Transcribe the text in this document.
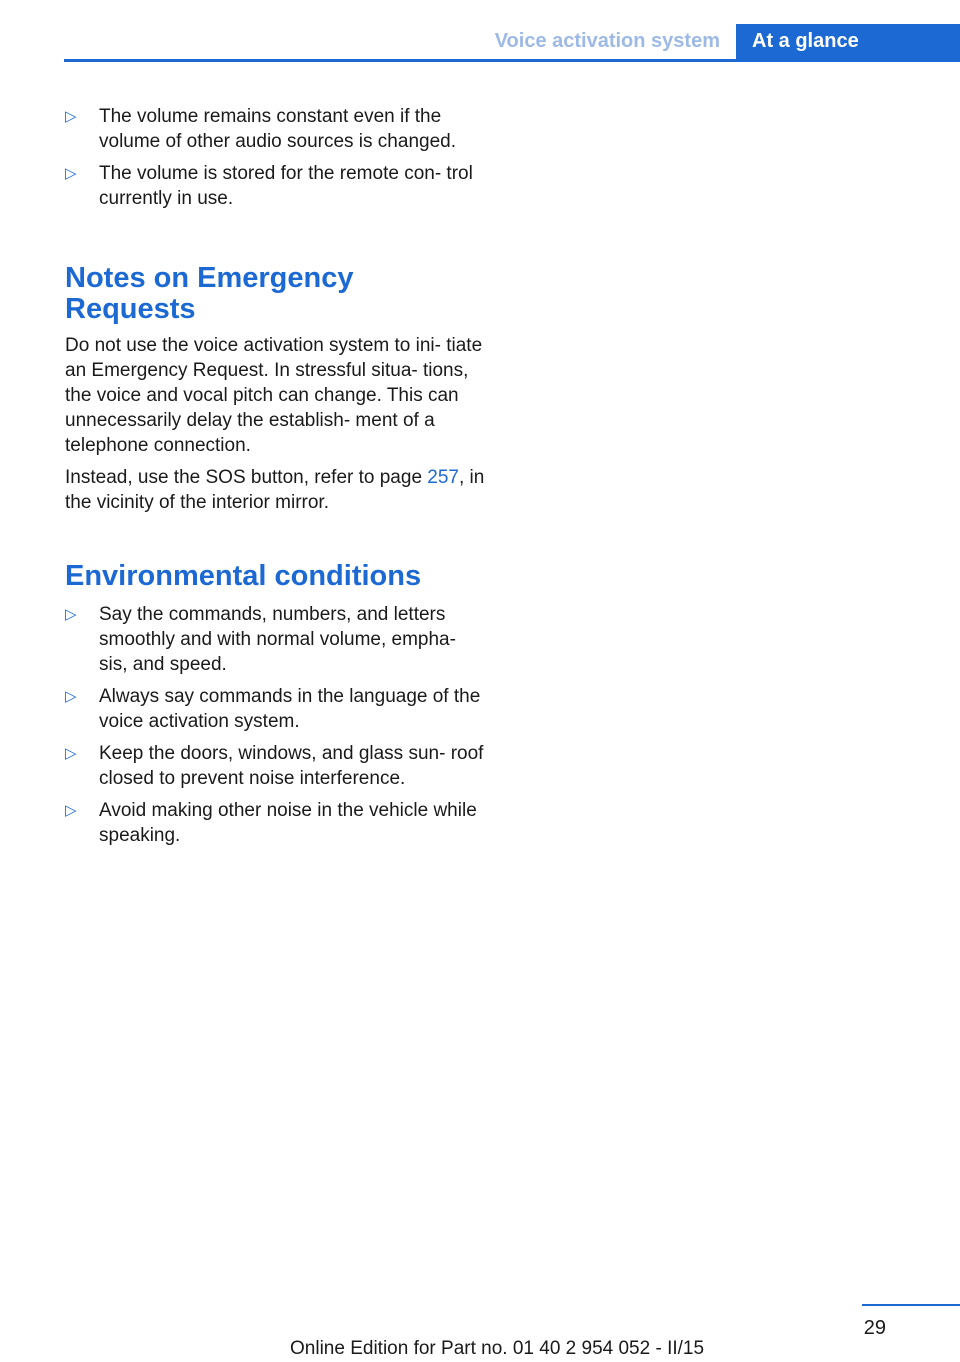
Voice activation system	At a glance
▷ The volume remains constant even if the volume of other audio sources is changed.
▷ The volume is stored for the remote con‐ trol currently in use.
Notes on Emergency Requests

Do not use the voice activation system to ini‐ tiate an Emergency Request. In stressful situa‐ tions, the voice and vocal pitch can change. This can unnecessarily delay the establish‐ ment of a telephone connection.

Instead, use the SOS button, refer to page 257, in the vicinity of the interior mirror.

Environmental conditions
▷ Say the commands, numbers, and letters smoothly and with normal volume, empha‐ sis, and speed.
▷ Always say commands in the language of the voice activation system.
▷ Keep the doors, windows, and glass sun‐ roof closed to prevent noise interference.
▷ Avoid making other noise in the vehicle while speaking.
29
Online Edition for Part no. 01 40 2 954 052 - II/15
